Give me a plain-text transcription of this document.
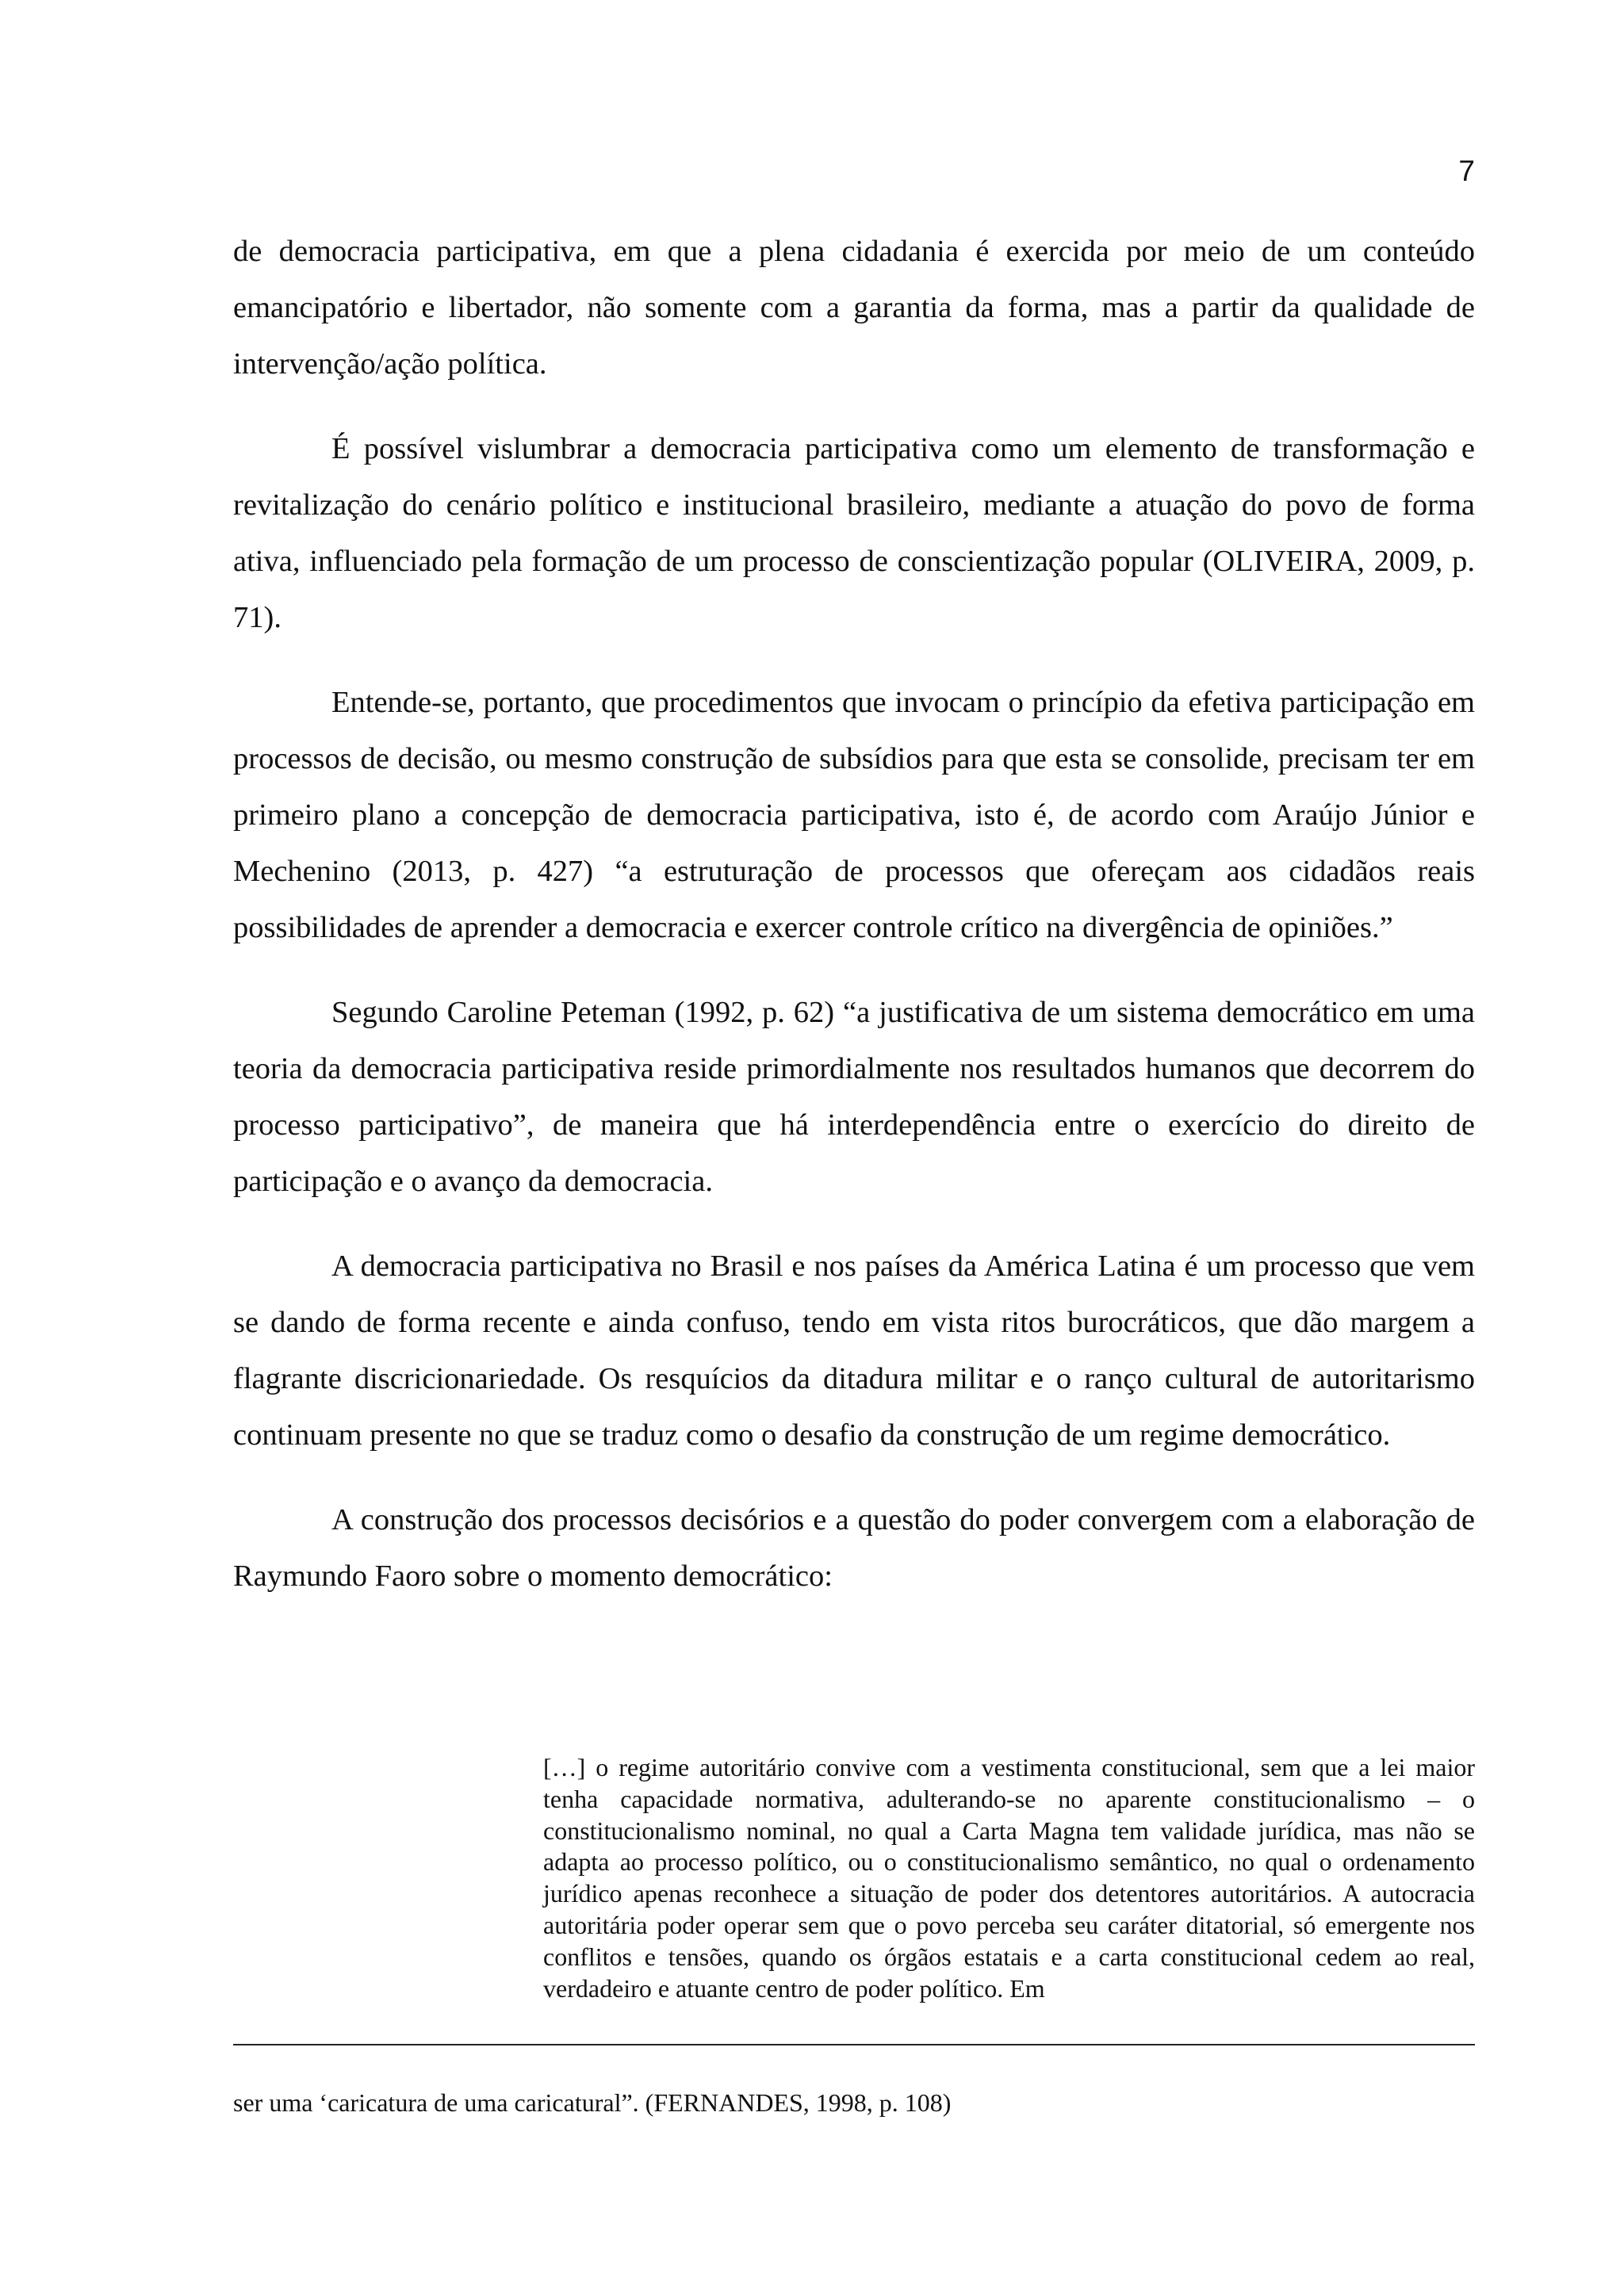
7

de democracia participativa, em que a plena cidadania é exercida por meio de um conteúdo emancipatório e libertador, não somente com a garantia da forma, mas a partir da qualidade de intervenção/ação política.

É possível vislumbrar a democracia participativa como um elemento de transformação e revitalização do cenário político e institucional brasileiro, mediante a atuação do povo de forma ativa, influenciado pela formação de um processo de conscientização popular (OLIVEIRA, 2009, p. 71).

Entende-se, portanto, que procedimentos que invocam o princípio da efetiva participação em processos de decisão, ou mesmo construção de subsídios para que esta se consolide, precisam ter em primeiro plano a concepção de democracia participativa, isto é, de acordo com Araújo Júnior e Mechenino (2013, p. 427) “a estruturação de processos que ofereçam aos cidadãos reais possibilidades de aprender a democracia e exercer controle crítico na divergência de opiniões.”

Segundo Caroline Peteman (1992, p. 62) “a justificativa de um sistema democrático em uma teoria da democracia participativa reside primordialmente nos resultados humanos que decorrem do processo participativo”, de maneira que há interdependência entre o exercício do direito de participação e o avanço da democracia.

A democracia participativa no Brasil e nos países da América Latina é um processo que vem se dando de forma recente e ainda confuso, tendo em vista ritos burocráticos, que dão margem a flagrante discricionariedade. Os resquícios da ditadura militar e o ranço cultural de autoritarismo continuam presente no que se traduz como o desafio da construção de um regime democrático.

A construção dos processos decisórios e a questão do poder convergem com a elaboração de Raymundo Faoro sobre o momento democrático:

[…] o regime autoritário convive com a vestimenta constitucional, sem que a lei maior tenha capacidade normativa, adulterando-se no aparente constitucionalismo – o constitucionalismo nominal, no qual a Carta Magna tem validade jurídica, mas não se adapta ao processo político, ou o constitucionalismo semântico, no qual o ordenamento jurídico apenas reconhece a situação de poder dos detentores autoritários. A autocracia autoritária poder operar sem que o povo perceba seu caráter ditatorial, só emergente nos conflitos e tensões, quando os órgãos estatais e a carta constitucional cedem ao real, verdadeiro e atuante centro de poder político. Em

ser uma ‘caricatura de uma caricatural”. (FERNANDES, 1998, p. 108)
